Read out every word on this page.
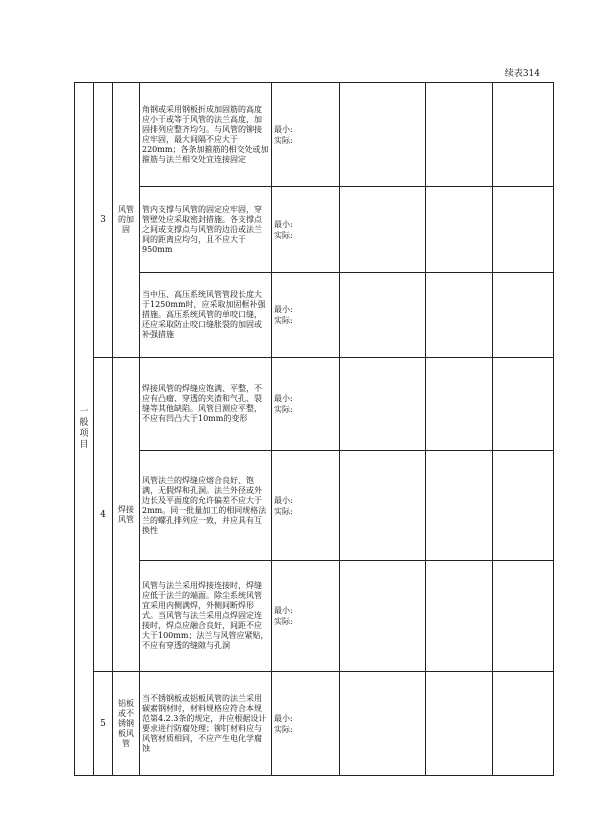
续表314
一般项目	3	风管的加固	角钢或采用钢板折成加固筋的高度应小于或等于风管的法兰高度，加固排列应整齐均匀。与风管的铆接应牢固，最大间隔不应大于220mm；各条加箍筋的相交处或加箍筋与法兰相交处宜连接固定	最小:
实际:			

			管内支撑与风管的固定应牢固，穿管壁处应采取密封措施。各支撑点之间或支撑点与风管的边沿或法兰间的距离应均匀，且不应大于950mm	最小:
实际:			

			当中压、高压系统风管管段长度大于1250mm时，应采取加固框补强措施。高压系统风管的单咬口缝，还应采取防止咬口缝胀裂的加固或补强措施	最小:
实际:			

	4	焊接风管	焊接风管的焊缝应饱满、平整，不应有凸瘤、穿透的夹渣和气孔、裂缝等其他缺陷。风管目测应平整，不应有凹凸大于10mm的变形	最小:
实际:			

			风管法兰的焊缝应熔合良好、饱满，无假焊和孔洞。法兰外径或外边长及平面度的允许偏差不应大于2mm。同一批量加工的相同规格法兰的螺孔排列应一致，并应具有互换性	最小:
实际:			

			风管与法兰采用焊接连接时，焊缝应低于法兰的端面。除尘系统风管宜采用内侧满焊，外侧间断焊形式。当风管与法兰采用点焊固定连接时，焊点应融合良好，间距不应大于100mm；法兰与风管应紧贴，不应有穿透的缝隙与孔洞	最小:
实际:			

	5	铝板或不锈钢板风管	当不锈钢板或铝板风管的法兰采用碳素钢材时，材料规格应符合本规范第4.2.3条的规定，并应根据设计要求进行防腐处理；铆钉材料应与风管材质相同，不应产生电化学腐蚀	最小:
实际:			
